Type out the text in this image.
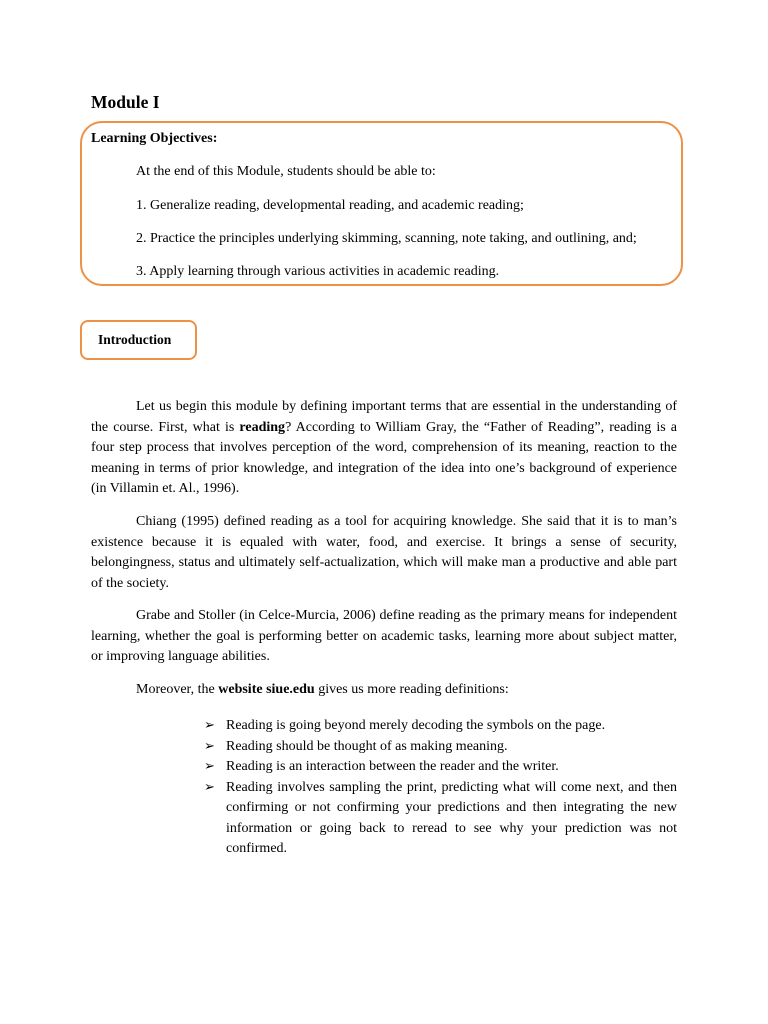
Module I

Learning Objectives:

At the end of this Module, students should be able to:

1. Generalize reading, developmental reading, and academic reading;

2. Practice the principles underlying skimming, scanning, note taking, and outlining, and;

3. Apply learning through various activities in academic reading.

Introduction

Let us begin this module by defining important terms that are essential in the understanding of the course. First, what is reading? According to William Gray, the “Father of Reading”, reading is a four step process that involves perception of the word, comprehension of its meaning, reaction to the meaning in terms of prior knowledge, and integration of the idea into one’s background of experience (in Villamin et. Al., 1996).

Chiang (1995) defined reading as a tool for acquiring knowledge. She said that it is to man’s existence because it is equaled with water, food, and exercise. It brings a sense of security, belongingness, status and ultimately self-actualization, which will make man a productive and able part of the society.

Grabe and Stoller (in Celce-Murcia, 2006) define reading as the primary means for independent learning, whether the goal is performing better on academic tasks, learning more about subject matter, or improving language abilities.

Moreover, the website siue.edu gives us more reading definitions:

➢ Reading is going beyond merely decoding the symbols on the page.
➢ Reading should be thought of as making meaning.
➢ Reading is an interaction between the reader and the writer.
➢ Reading involves sampling the print, predicting what will come next, and then confirming or not confirming your predictions and then integrating the new information or going back to reread to see why your prediction was not confirmed.
